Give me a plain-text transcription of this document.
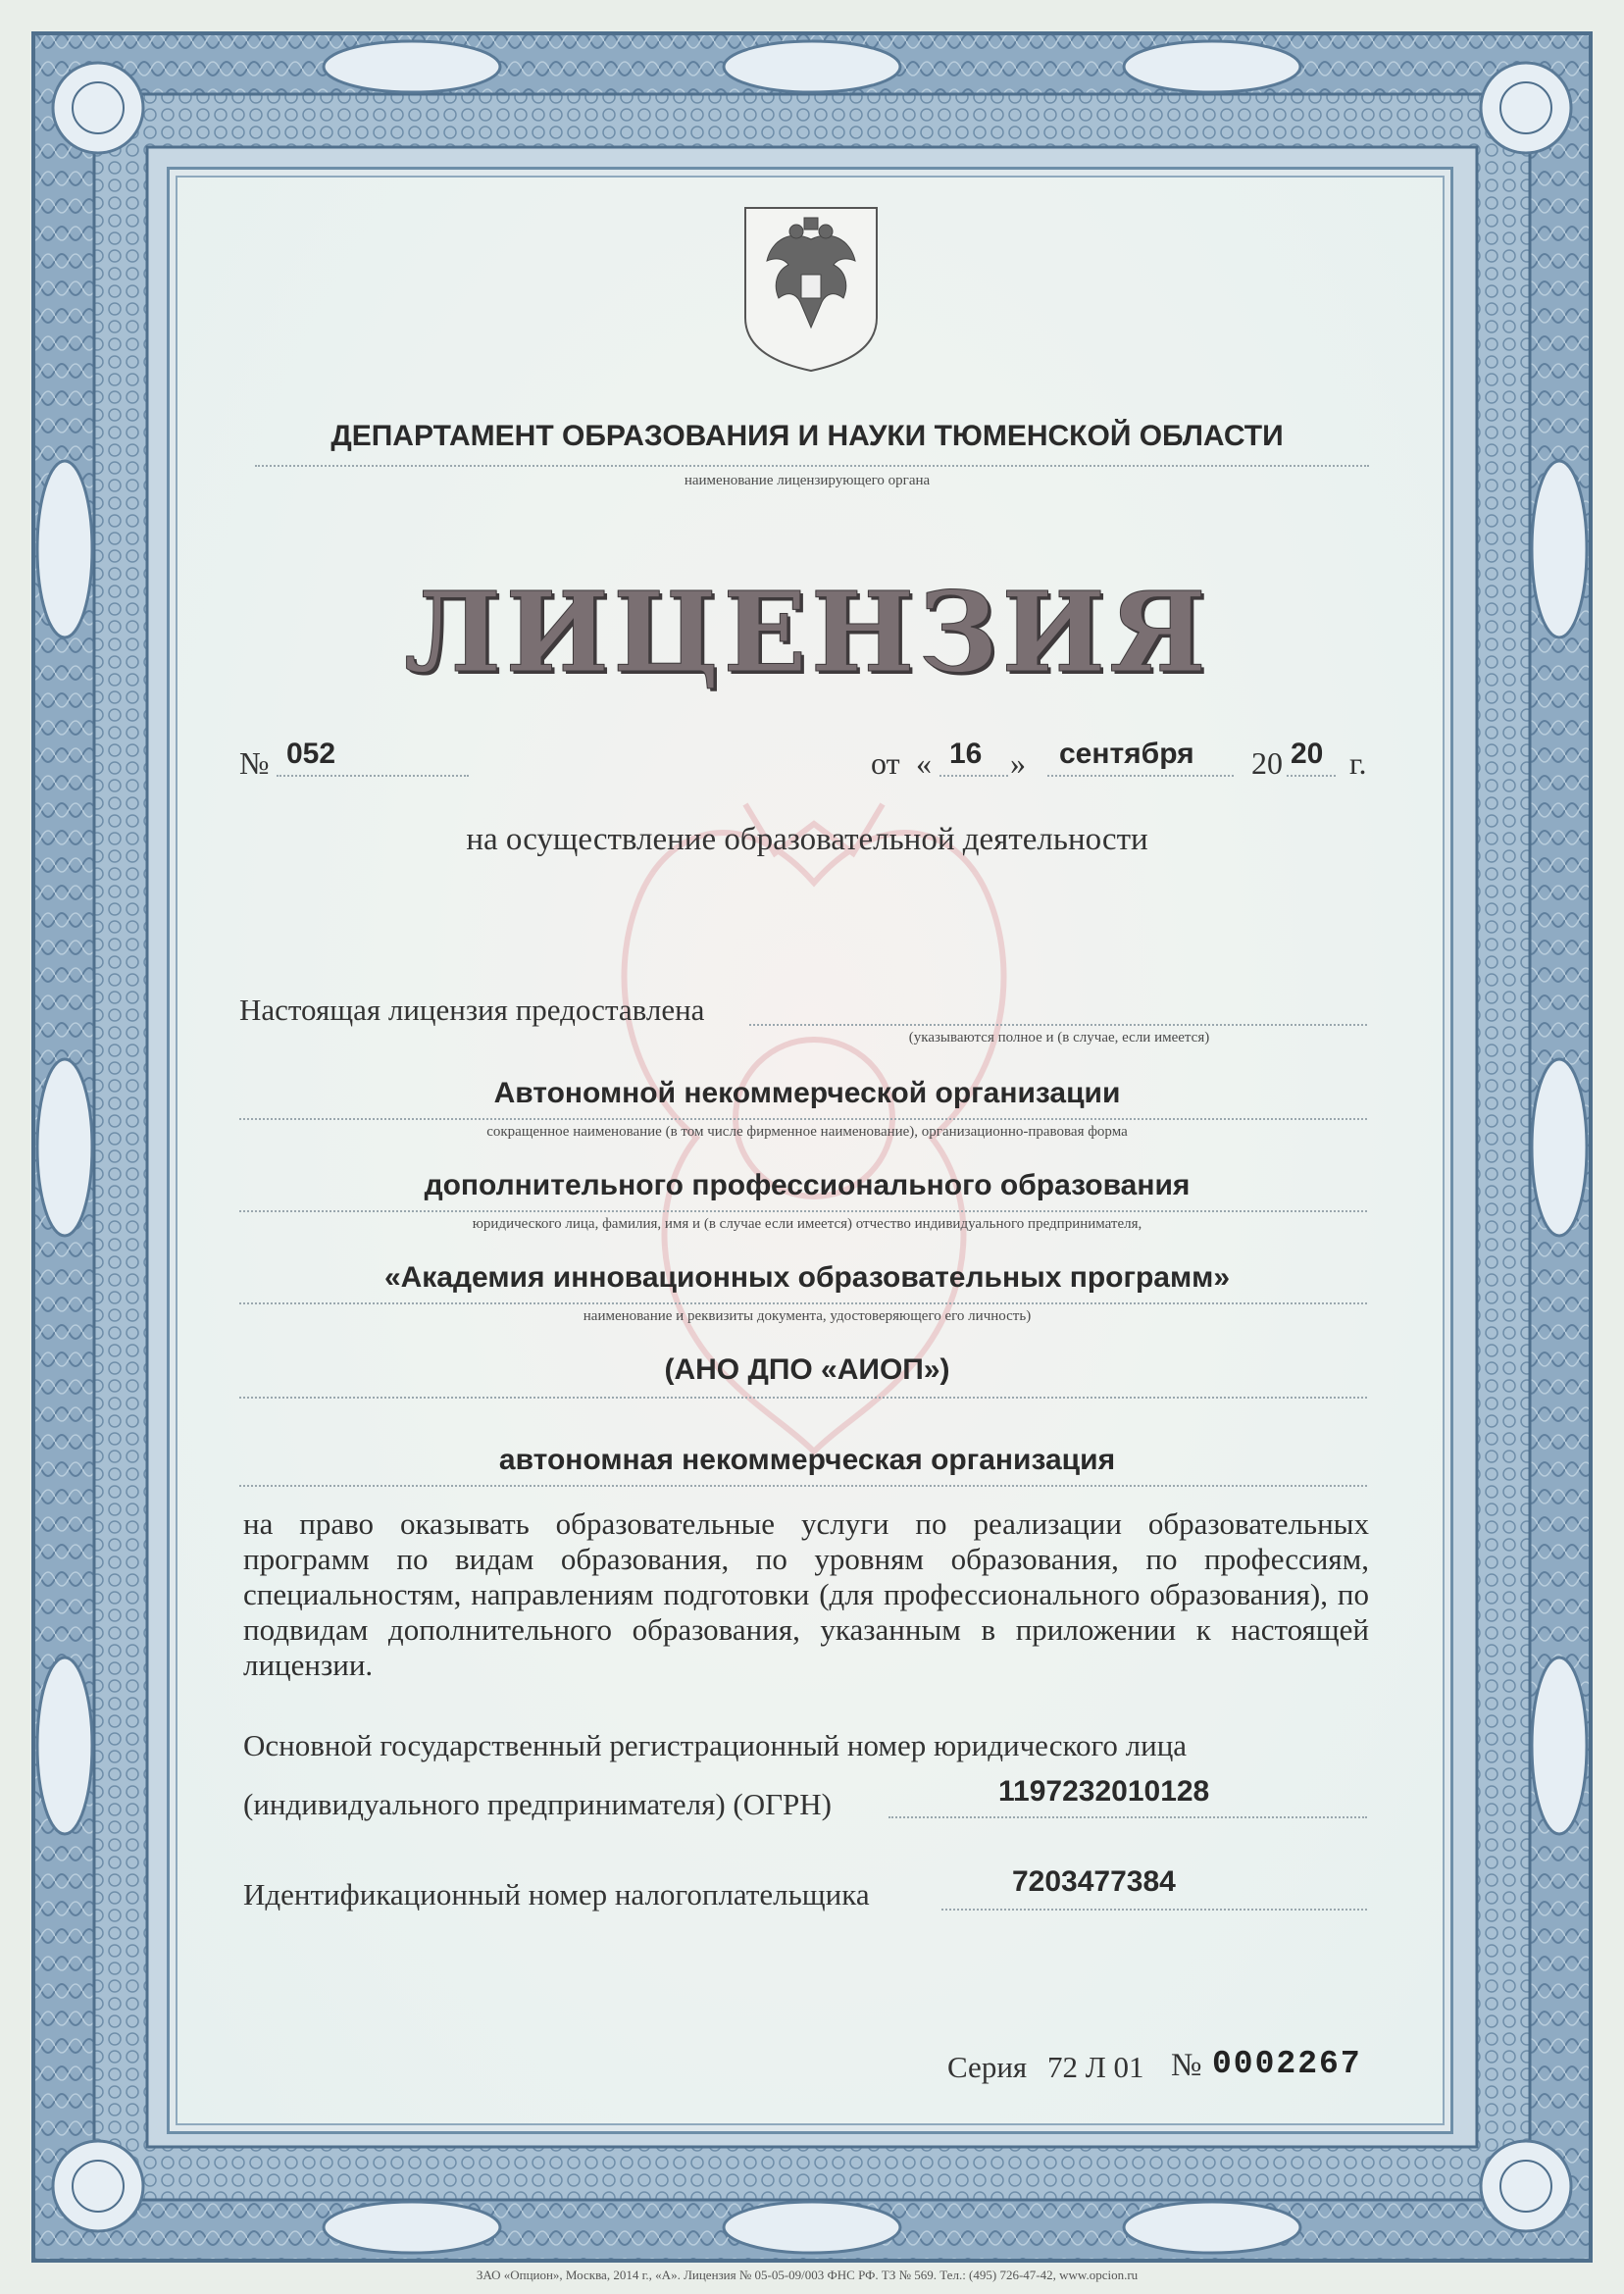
ДЕПАРТАМЕНТ ОБРАЗОВАНИЯ И НАУКИ ТЮМЕНСКОЙ ОБЛАСТИ
наименование лицензирующего органа
ЛИЦЕНЗИЯ
№ 052	от « 16 » сентября 20 20 г.
на осуществление образовательной деятельности
Настоящая лицензия предоставлена
(указываются полное и (в случае, если имеется)
Автономной некоммерческой организации
сокращенное наименование (в том числе фирменное наименование), организационно-правовая форма
дополнительного профессионального образования
юридического лица, фамилия, имя и (в случае если имеется) отчество индивидуального предпринимателя,
«Академия инновационных образовательных программ»
наименование и реквизиты документа, удостоверяющего его личность)
(АНО ДПО «АИОП»)
автономная некоммерческая организация
на право оказывать образовательные услуги по реализации образовательных программ по видам образования, по уровням образования, по профессиям, специальностям, направлениям подготовки (для профессионального образования), по подвидам дополнительного образования, указанным в приложении к настоящей лицензии.
Основной государственный регистрационный номер юридического лица
(индивидуального предпринимателя) (ОГРН)	1197232010128
Идентификационный номер налогоплательщика	7203477384
Серия 72 Л 01 № 0002267
ЗАО «Опцион», Москва, 2014 г., «А». Лицензия № 05-05-09/003 ФНС РФ. ТЗ № 569. Тел.: (495) 726-47-42, www.opcion.ru
